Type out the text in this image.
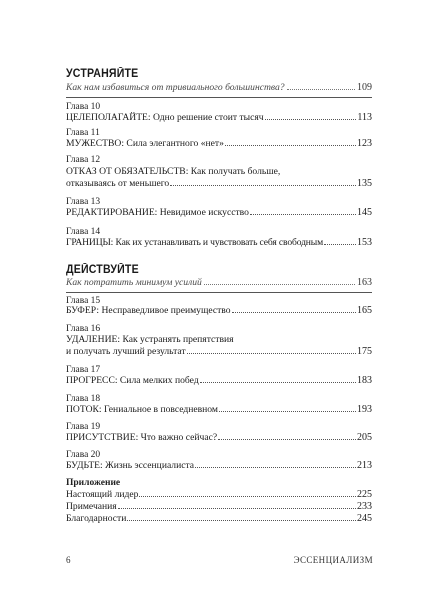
УСТРАНЯЙТЕ
Как нам избавиться от тривиального большинства?	109
Глава 10
ЦЕЛЕПОЛАГАЙТЕ: Одно решение стоит тысяч	113
Глава 11
МУЖЕСТВО: Сила элегантного «нет»	123
Глава 12
ОТКАЗ ОТ ОБЯЗАТЕЛЬСТВ: Как получать больше,
отказываясь от меньшего	135
Глава 13
РЕДАКТИРОВАНИЕ: Невидимое искусство	145
Глава 14
ГРАНИЦЫ: Как их устанавливать и чувствовать себя свободным	153
ДЕЙСТВУЙТЕ
Как потратить минимум усилий	163
Глава 15
БУФЕР: Несправедливое преимущество	165
Глава 16
УДАЛЕНИЕ: Как устранять препятствия
и получать лучший результат	175
Глава 17
ПРОГРЕСС: Сила мелких побед	183
Глава 18
ПОТОК: Гениальное в повседневном	193
Глава 19
ПРИСУТСТВИЕ: Что важно сейчас?	205
Глава 20
БУДЬТЕ: Жизнь эссенциалиста	213
Приложение
Настоящий лидер	225
Примечания	233
Благодарности	245
6	ЭССЕНЦИАЛИЗМ
